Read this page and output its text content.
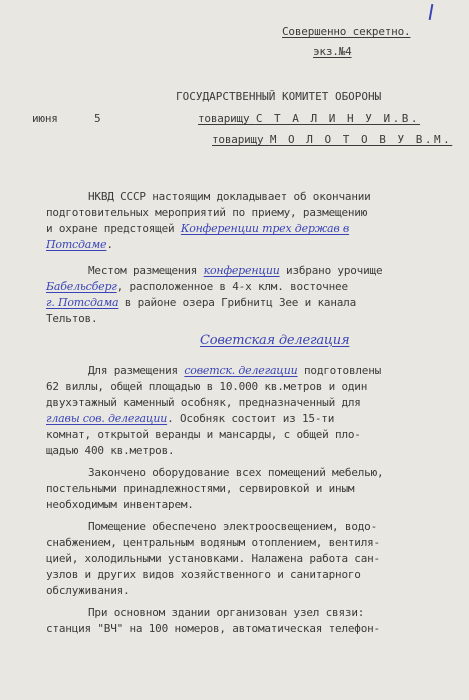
Совершенно секретно.
экз.№4
ГОСУДАРСТВЕННЫЙ КОМИТЕТ ОБОРОНЫ
июня	5	товарищу С Т А Л И Н У И.В.
товарищу М О Л О Т О В У В.М.
НКВД СССР настоящим докладывает об окончании
подготовительных мероприятий по приему, размещению
и охране предстоящей Конференции трех держав в
Потсдаме.
Местом размещения конференции избрано урочище
Бабельсберг, расположенное в 4-х клм. восточнее
г. Потсдама в районе озера Грибнитц Зее и канала
Тельтов.
Советская делегация
Для размещения советск. делегации подготовлены
62 виллы, общей площадью в 10.000 кв.метров и один
двухэтажный каменный особняк, предназначенный для
главы сов. делегации. Особняк состоит из 15-ти
комнат, открытой веранды и мансарды, с общей пло-
щадью 400 кв.метров.
Закончено оборудование всех помещений мебелью,
постельными принадлежностями, сервировкой и иным
необходимым инвентарем.
Помещение обеспечено электроосвещением, водо-
снабжением, центральным водяным отоплением, вентиля-
цией, холодильными установками. Налажена работа сан-
узлов и других видов хозяйственного и санитарного
обслуживания.
При основном здании организован узел связи:
станция "ВЧ" на 100 номеров, автоматическая телефон-
